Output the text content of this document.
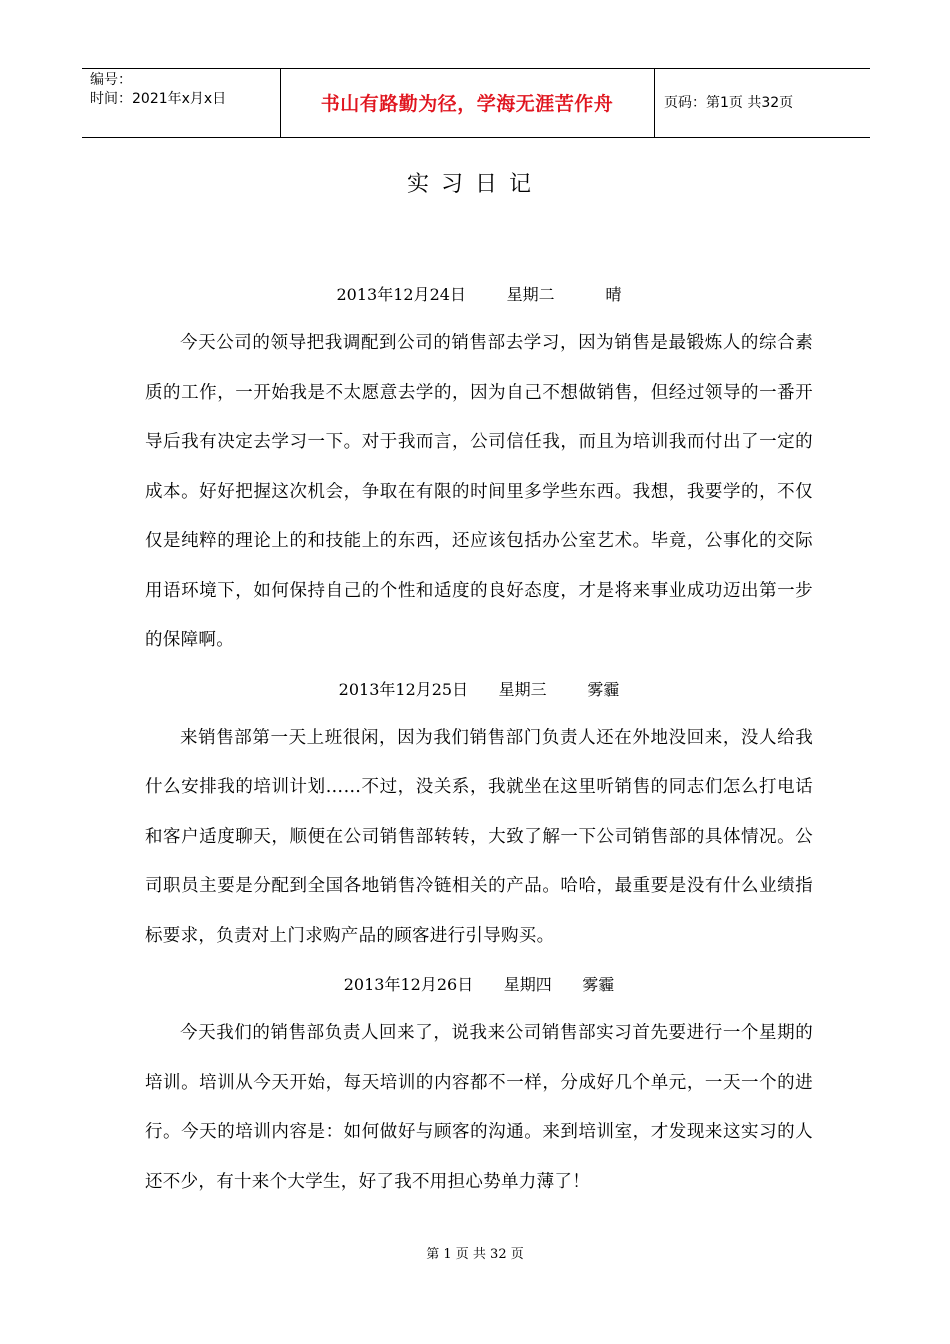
编号：
时间：2021年x月x日	书山有路勤为径，学海无涯苦作舟	页码：第1页 共32页
实习日记
2013年12月24日        星期二          晴

今天公司的领导把我调配到公司的销售部去学习，因为销售是最锻炼人的综合素质的工作，一开始我是不太愿意去学的，因为自己不想做销售，但经过领导的一番开导后我有决定去学习一下。对于我而言，公司信任我，而且为培训我而付出了一定的成本。好好把握这次机会，争取在有限的时间里多学些东西。我想，我要学的，不仅仅是纯粹的理论上的和技能上的东西，还应该包括办公室艺术。毕竟，公事化的交际用语环境下，如何保持自己的个性和适度的良好态度，才是将来事业成功迈出第一步的保障啊。

2013年12月25日      星期三        雾霾

来销售部第一天上班很闲，因为我们销售部门负责人还在外地没回来，没人给我什么安排我的培训计划……不过，没关系，我就坐在这里听销售的同志们怎么打电话和客户适度聊天，顺便在公司销售部转转，大致了解一下公司销售部的具体情况。公司职员主要是分配到全国各地销售冷链相关的产品。哈哈，最重要是没有什么业绩指标要求，负责对上门求购产品的顾客进行引导购买。

2013年12月26日      星期四      雾霾

今天我们的销售部负责人回来了，说我来公司销售部实习首先要进行一个星期的培训。培训从今天开始，每天培训的内容都不一样，分成好几个单元，一天一个的进行。今天的培训内容是：如何做好与顾客的沟通。来到培训室，才发现来这实习的人还不少，有十来个大学生，好了我不用担心势单力薄了！

第 1 页 共 32 页
